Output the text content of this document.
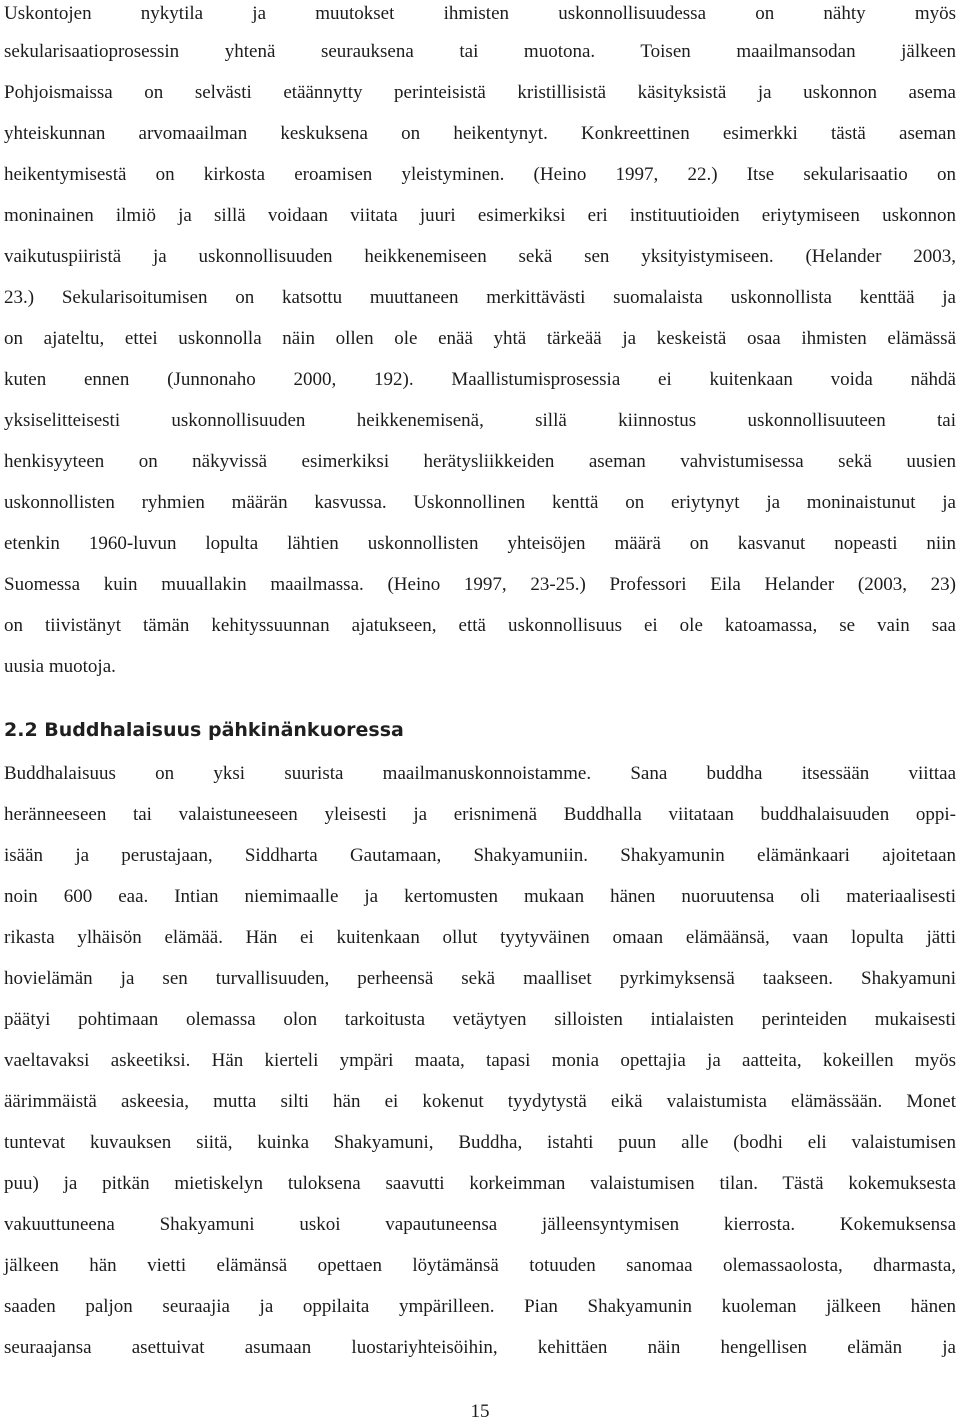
Uskontojen nykytila ja muutokset ihmisten uskonnollisuudessa on nähty myös
sekularisaatioprosessin yhtenä seurauksena tai muotona. Toisen maailmansodan jälkeen
Pohjoismaissa on selvästi etäännytty perinteisistä kristillisistä käsityksistä ja uskonnon asema
yhteiskunnan arvomaailman keskuksena on heikentynyt. Konkreettinen esimerkki tästä aseman
heikentymisestä on kirkosta eroamisen yleistyminen. (Heino 1997, 22.) Itse sekularisaatio on
moninainen ilmiö ja sillä voidaan viitata juuri esimerkiksi eri instituutioiden eriytymiseen uskonnon
vaikutuspiiristä ja uskonnollisuuden heikkenemiseen sekä sen yksityistymiseen. (Helander 2003,
23.) Sekularisoitumisen on katsottu muuttaneen merkittävästi suomalaista uskonnollista kenttää ja
on ajateltu, ettei uskonnolla näin ollen ole enää yhtä tärkeää ja keskeistä osaa ihmisten elämässä
kuten ennen (Junnonaho 2000, 192). Maallistumisprosessia ei kuitenkaan voida nähdä
yksiselitteisesti uskonnollisuuden heikkenemisenä, sillä kiinnostus uskonnollisuuteen tai
henkisyyteen on näkyvissä esimerkiksi herätysliikkeiden aseman vahvistumisessa sekä uusien
uskonnollisten ryhmien määrän kasvussa. Uskonnollinen kenttä on eriytynyt ja moninaistunut ja
etenkin 1960-luvun lopulta lähtien uskonnollisten yhteisöjen määrä on kasvanut nopeasti niin
Suomessa kuin muuallakin maailmassa. (Heino 1997, 23-25.) Professori Eila Helander (2003, 23)
on tiivistänyt tämän kehityssuunnan ajatukseen, että uskonnollisuus ei ole katoamassa, se vain saa
uusia muotoja.
2.2 Buddhalaisuus pähkinänkuoressa
Buddhalaisuus on yksi suurista maailmanuskonnoistamme. Sana buddha itsessään viittaa
heränneeseen tai valaistuneeseen yleisesti ja erisnimenä Buddhalla viitataan buddhalaisuuden oppi-
isään ja perustajaan, Siddharta Gautamaan, Shakyamuniin. Shakyamunin elämänkaari ajoitetaan
noin 600 eaa. Intian niemimaalle ja kertomusten mukaan hänen nuoruutensa oli materiaalisesti
rikasta ylhäisön elämää. Hän ei kuitenkaan ollut tyytyväinen omaan elämäänsä, vaan lopulta jätti
hovielämän ja sen turvallisuuden, perheensä sekä maalliset pyrkimyksensä taakseen. Shakyamuni
päätyi pohtimaan olemassa olon tarkoitusta vetäytyen silloisten intialaisten perinteiden mukaisesti
vaeltavaksi askeetiksi. Hän kierteli ympäri maata, tapasi monia opettajia ja aatteita, kokeillen myös
äärimmäistä askeesia, mutta silti hän ei kokenut tyydytystä eikä valaistumista elämässään. Monet
tuntevat kuvauksen siitä, kuinka Shakyamuni, Buddha, istahti puun alle (bodhi eli valaistumisen
puu) ja pitkän mietiskelyn tuloksena saavutti korkeimman valaistumisen tilan. Tästä kokemuksesta
vakuuttuneena Shakyamuni uskoi vapautuneensa jälleensyntymisen kierrosta. Kokemuksensa
jälkeen hän vietti elämänsä opettaen löytämänsä totuuden sanomaa olemassaolosta, dharmasta,
saaden paljon seuraajia ja oppilaita ympärilleen. Pian Shakyamunin kuoleman jälkeen hänen
seuraajansa asettuivat asumaan luostariyhteisöihin, kehittäen näin hengellisen elämän ja
15
